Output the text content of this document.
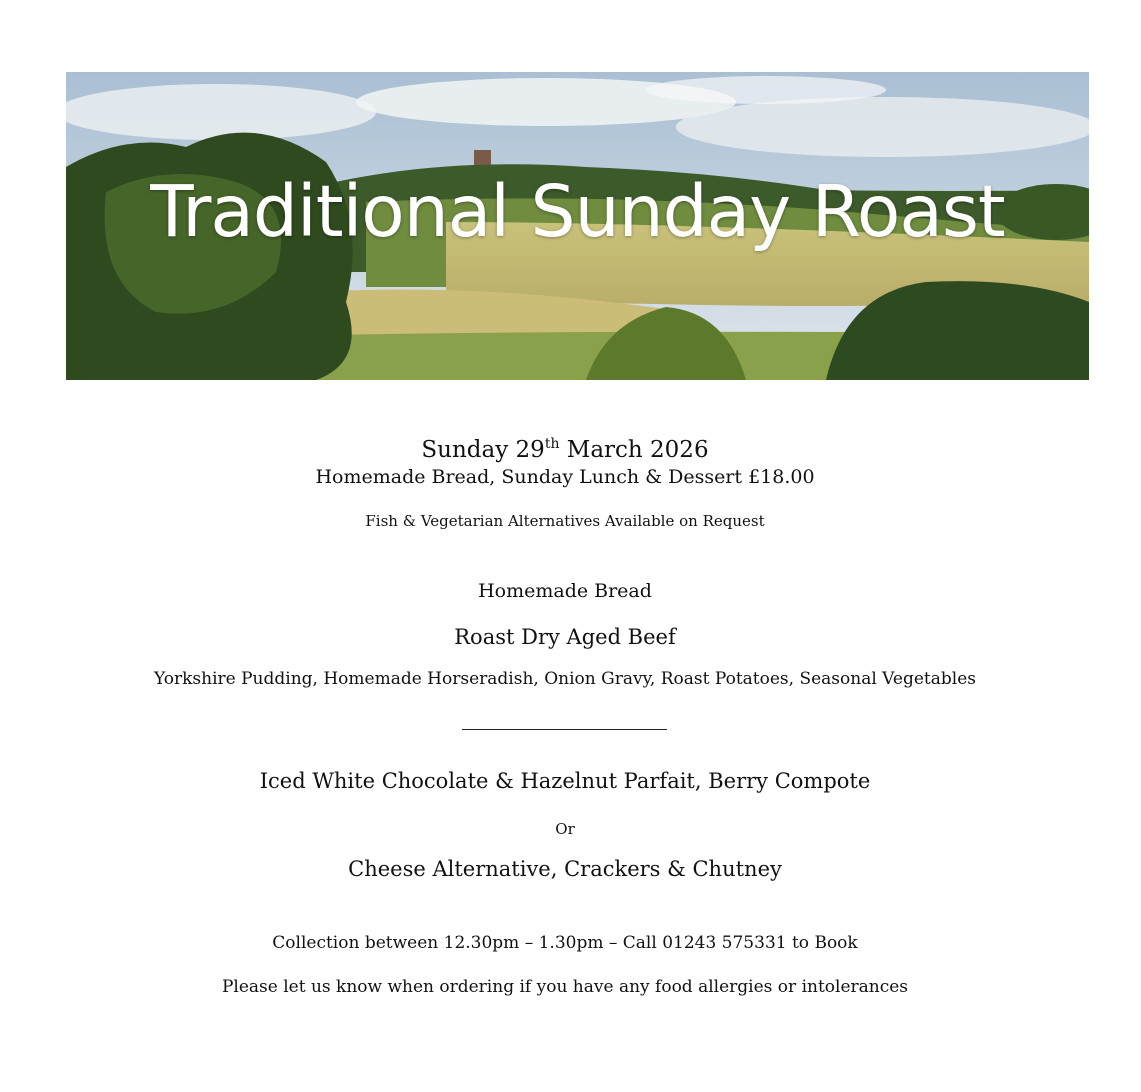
Traditional Sunday Roast
Sunday 29th March 2026
Homemade Bread, Sunday Lunch & Dessert £18.00
Fish & Vegetarian Alternatives Available on Request
Homemade Bread
Roast Dry Aged Beef
Yorkshire Pudding, Homemade Horseradish, Onion Gravy, Roast Potatoes, Seasonal Vegetables
Iced White Chocolate & Hazelnut Parfait, Berry Compote
Or
Cheese Alternative, Crackers & Chutney
Collection between 12.30pm – 1.30pm – Call 01243 575331 to Book
Please let us know when ordering if you have any food allergies or intolerances
